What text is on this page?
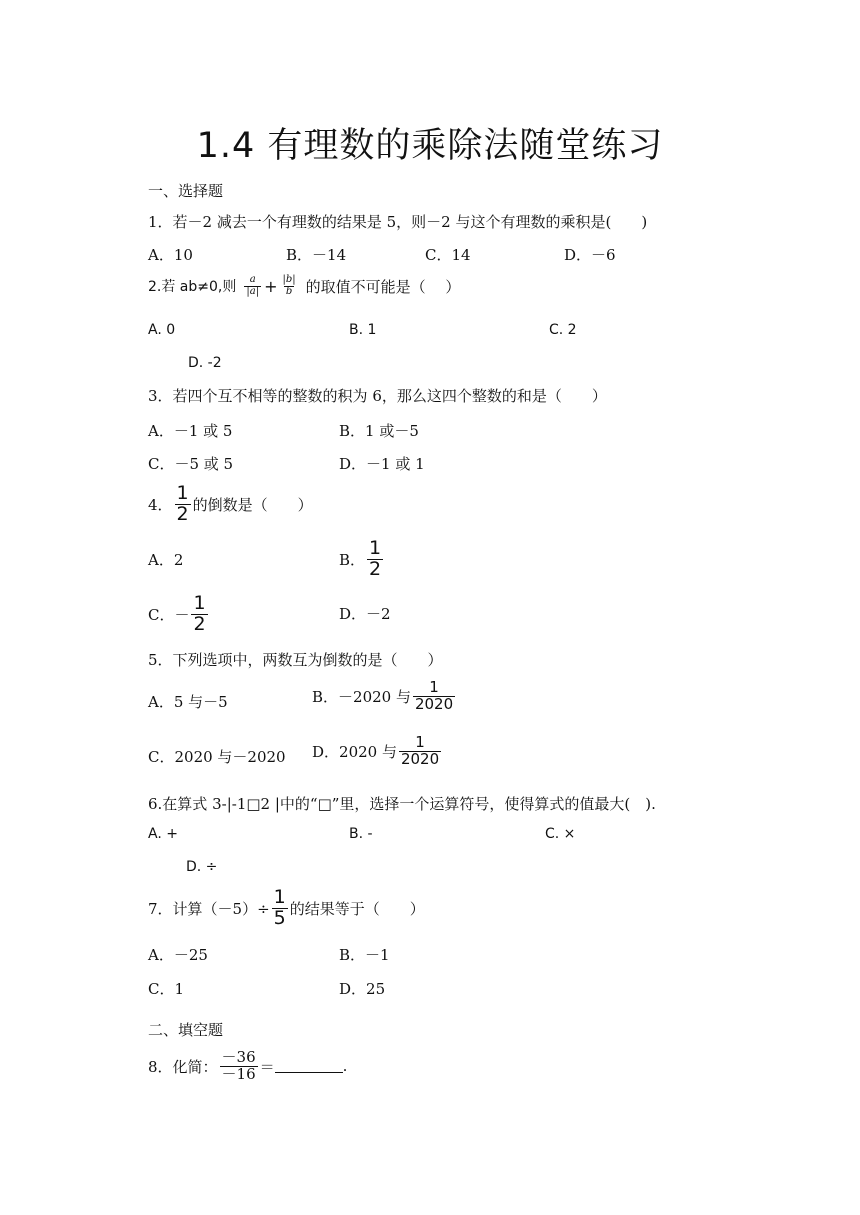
1.4 有理数的乘除法随堂练习
一、选择题
1．若－2 减去一个有理数的结果是 5，则－2 与这个有理数的乘积是(　　)
A．10	B．－14	C．14	D．－6
2.若 ab≠0,则 $\frac{a}{|a|} + \frac{|b|}{b}$ 的取值不可能是（　 ）
A. 0	B. 1	C. 2
D. -2
3．若四个互不相等的整数的积为 6，那么这四个整数的和是（　　）
A．－1 或 5	B．1 或－5
C．－5 或 5	D．－1 或 1
4． $\frac{1}{2}$ 的倒数是（　　）
A．2	B． $\frac{1}{2}$
C．－ $\frac{1}{2}$	D．－2
5．下列选项中，两数互为倒数的是（　　）
A．5 与－5	B．－2020 与 $\frac{1}{2020}$
C．2020 与－2020 D．2020 与 $\frac{1}{2020}$
6.在算式 3-|-1□2 |中的“□”里，选择一个运算符号，使得算式的值最大(　).
A. +	B. -	C. ×
D. ÷
7．计算$(-5)\div \frac{1}{5}$ 的结果等于（　　）
A．－25	B．－1
C．1	D．25
二、填空题
8．化简： $\frac{-36}{-16}$ ＝	.
